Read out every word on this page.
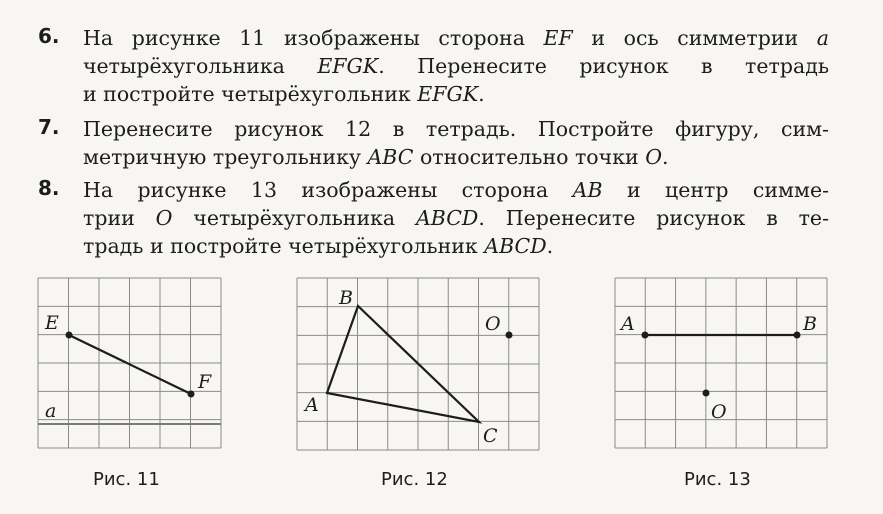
6. На рисунке 11 изображены сторона EF и ось симметрии a
четырёхугольника EFGK. Перенесите рисунок в тетрадь
и постройте четырёхугольник EFGK.
7. Перенесите рисунок 12 в тетрадь. Постройте фигуру, сим-
метричную треугольнику ABC относительно точки O.
8. На рисунке 13 изображены сторона AB и центр симме-
трии O четырёхугольника ABCD. Перенесите рисунок в те-
традь и постройте четырёхугольник ABCD.
E
F
a
Рис. 11
B
A
C
O
Рис. 12
A	B
O
Рис. 13
